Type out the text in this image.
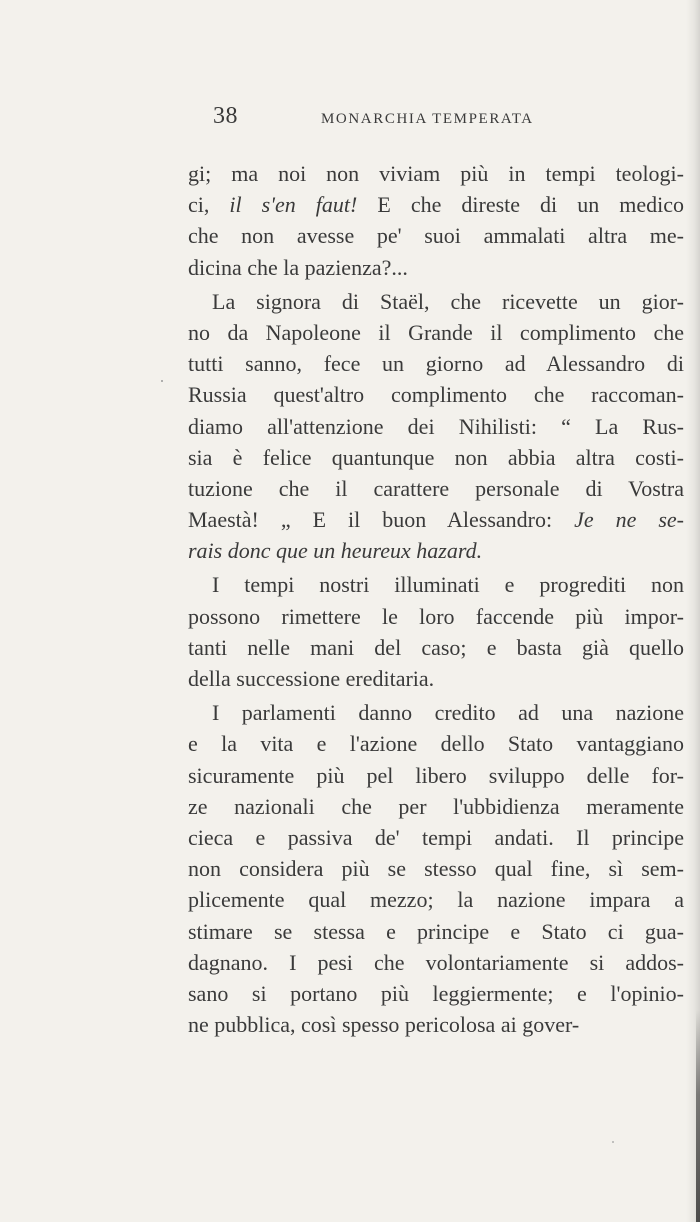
38	MONARCHIA TEMPERATA
gi; ma noi non viviam più in tempi teologi-
ci, il s'en faut! E che direste di un medico
che non avesse pe' suoi ammalati altra me-
dicina che la pazienza?...
La signora di Staël, che ricevette un gior-
no da Napoleone il Grande il complimento che
tutti sanno, fece un giorno ad Alessandro di
Russia quest'altro complimento che raccoman-
diamo all'attenzione dei Nihilisti: “ La Rus-
sia è felice quantunque non abbia altra costi-
tuzione che il carattere personale di Vostra
Maestà! „ E il buon Alessandro: Je ne se-
rais donc que un heureux hazard.
I tempi nostri illuminati e progrediti non
possono rimettere le loro faccende più impor-
tanti nelle mani del caso; e basta già quello
della successione ereditaria.
I parlamenti danno credito ad una nazione
e la vita e l'azione dello Stato vantaggiano
sicuramente più pel libero sviluppo delle for-
ze nazionali che per l'ubbidienza meramente
cieca e passiva de' tempi andati. Il principe
non considera più se stesso qual fine, sì sem-
plicemente qual mezzo; la nazione impara a
stimare se stessa e principe e Stato ci gua-
dagnano. I pesi che volontariamente si addos-
sano si portano più leggiermente; e l'opinio-
ne pubblica, così spesso pericolosa ai gover-
